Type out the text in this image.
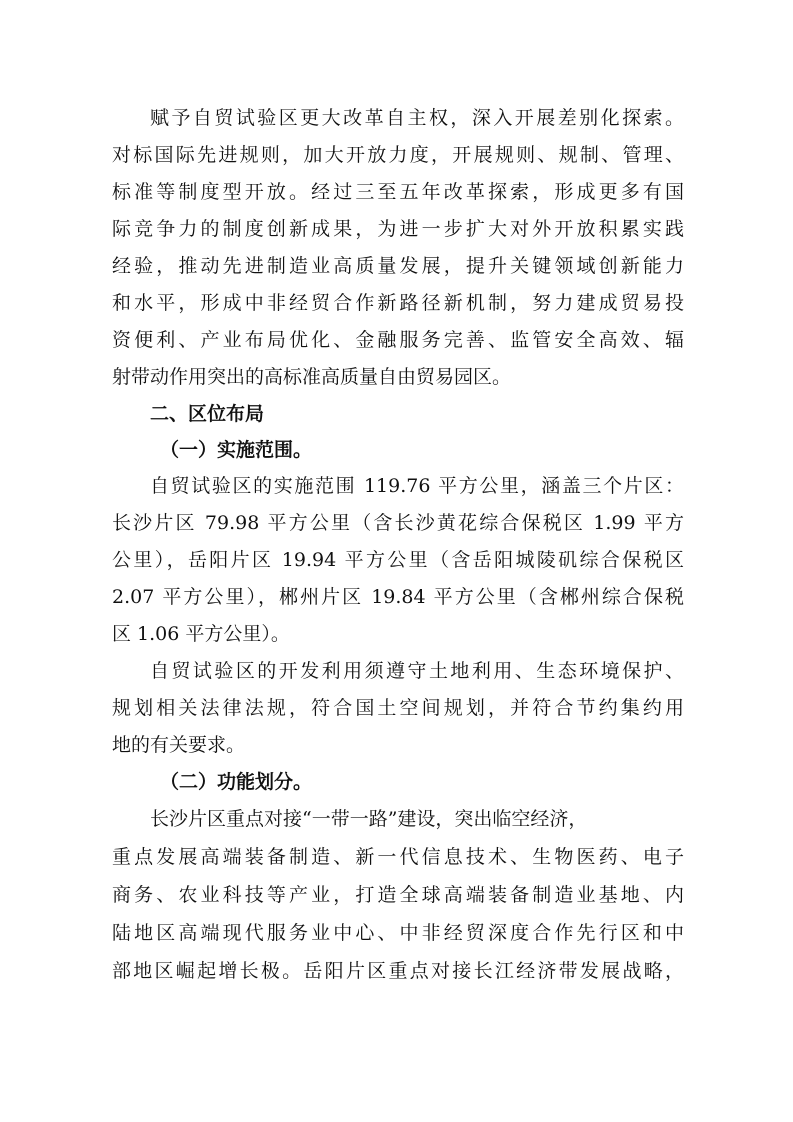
赋予自贸试验区更大改革自主权，深入开展差别化探索。
对标国际先进规则，加大开放力度，开展规则、规制、管理、
标准等制度型开放。经过三至五年改革探索，形成更多有国
际竞争力的制度创新成果，为进一步扩大对外开放积累实践
经验，推动先进制造业高质量发展，提升关键领域创新能力
和水平，形成中非经贸合作新路径新机制，努力建成贸易投
资便利、产业布局优化、金融服务完善、监管安全高效、辐
射带动作用突出的高标准高质量自由贸易园区。
二、区位布局
（一）实施范围。
自贸试验区的实施范围 119.76 平方公里，涵盖三个片区：
长沙片区 79.98 平方公里（含长沙黄花综合保税区 1.99 平方
公里），岳阳片区 19.94 平方公里（含岳阳城陵矶综合保税区
2.07 平方公里），郴州片区 19.84 平方公里（含郴州综合保税
区 1.06 平方公里）。
自贸试验区的开发利用须遵守土地利用、生态环境保护、
规划相关法律法规，符合国土空间规划，并符合节约集约用
地的有关要求。
（二）功能划分。
长沙片区重点对接“一带一路”建设，突出临空经济，
重点发展高端装备制造、新一代信息技术、生物医药、电子
商务、农业科技等产业，打造全球高端装备制造业基地、内
陆地区高端现代服务业中心、中非经贸深度合作先行区和中
部地区崛起增长极。岳阳片区重点对接长江经济带发展战略，
